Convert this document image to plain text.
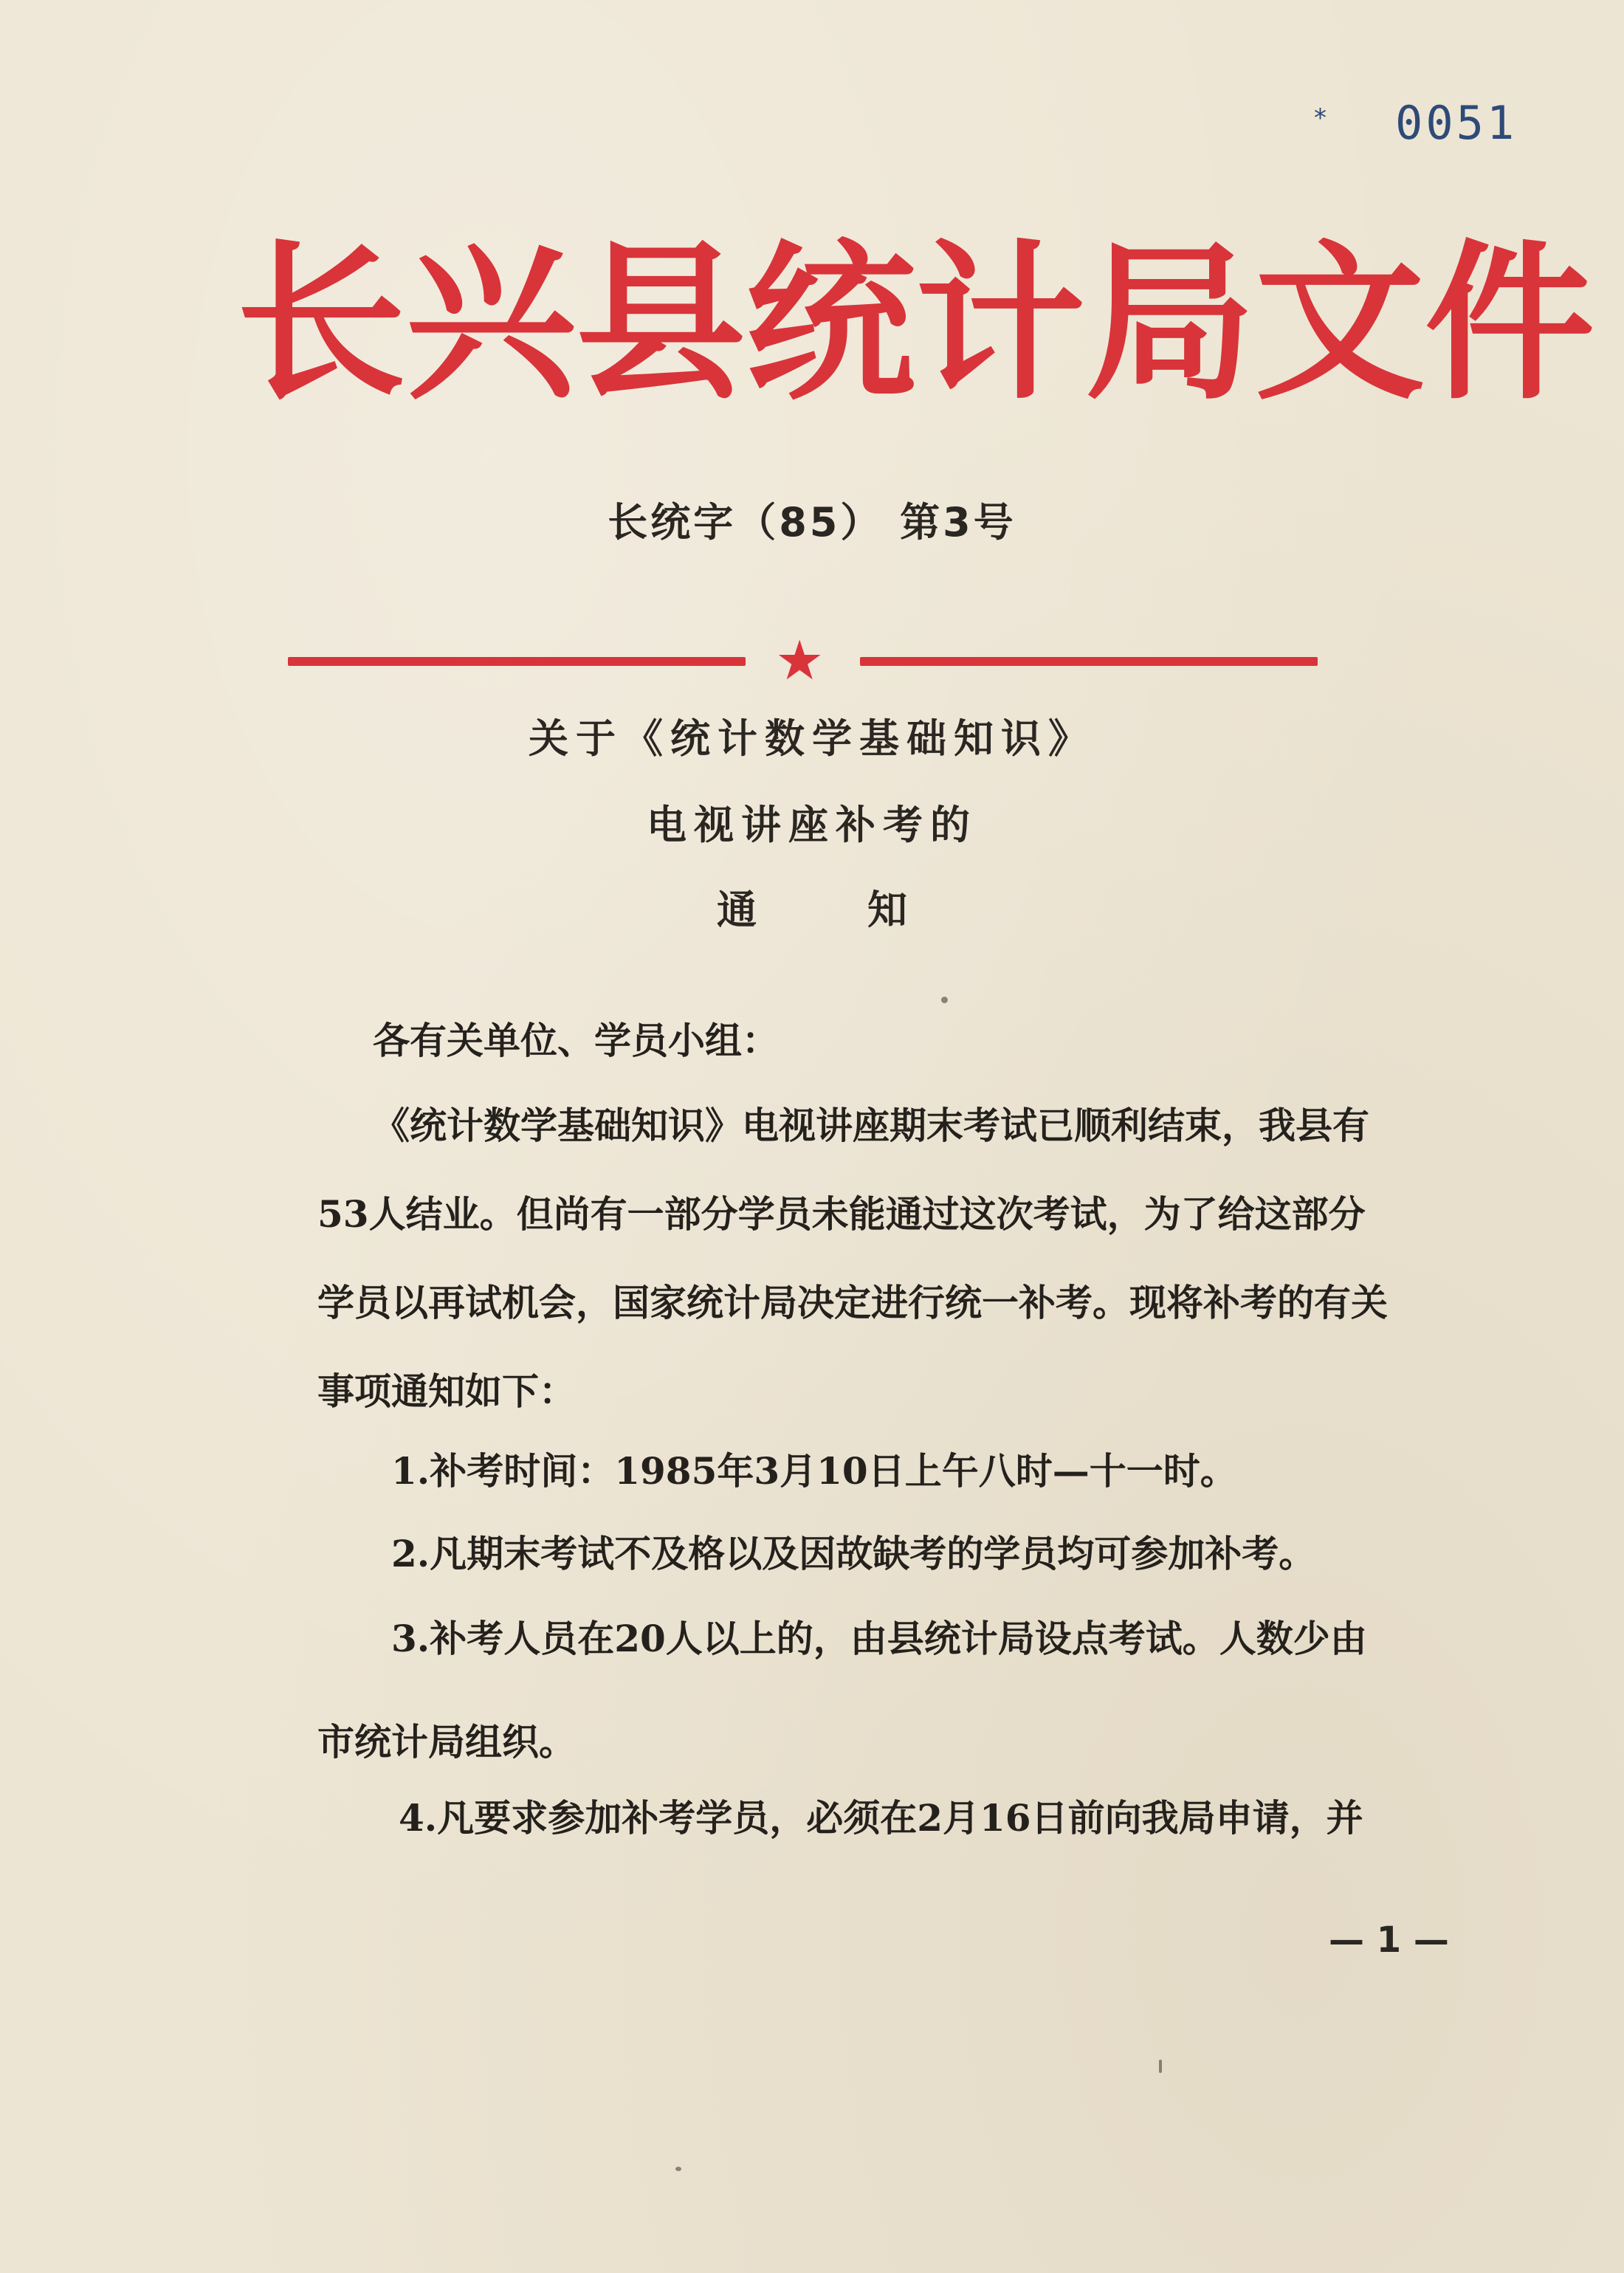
* 0051
长兴县统计局文件
长统字（85） 第3号
★
关于《统计数学基础知识》
电视讲座补考的
通知
各有关单位、学员小组：
《统计数学基础知识》电视讲座期末考试已顺利结束，我县有
53人结业。但尚有一部分学员未能通过这次考试，为了给这部分
学员以再试机会，国家统计局决定进行统一补考。现将补考的有关
事项通知如下：
1.补考时间：1985年3月10日上午八时—十一时。
2.凡期末考试不及格以及因故缺考的学员均可参加补考。
3.补考人员在20人以上的，由县统计局设点考试。人数少由
市统计局组织。
4.凡要求参加补考学员，必须在2月16日前向我局申请，并
— 1 —
